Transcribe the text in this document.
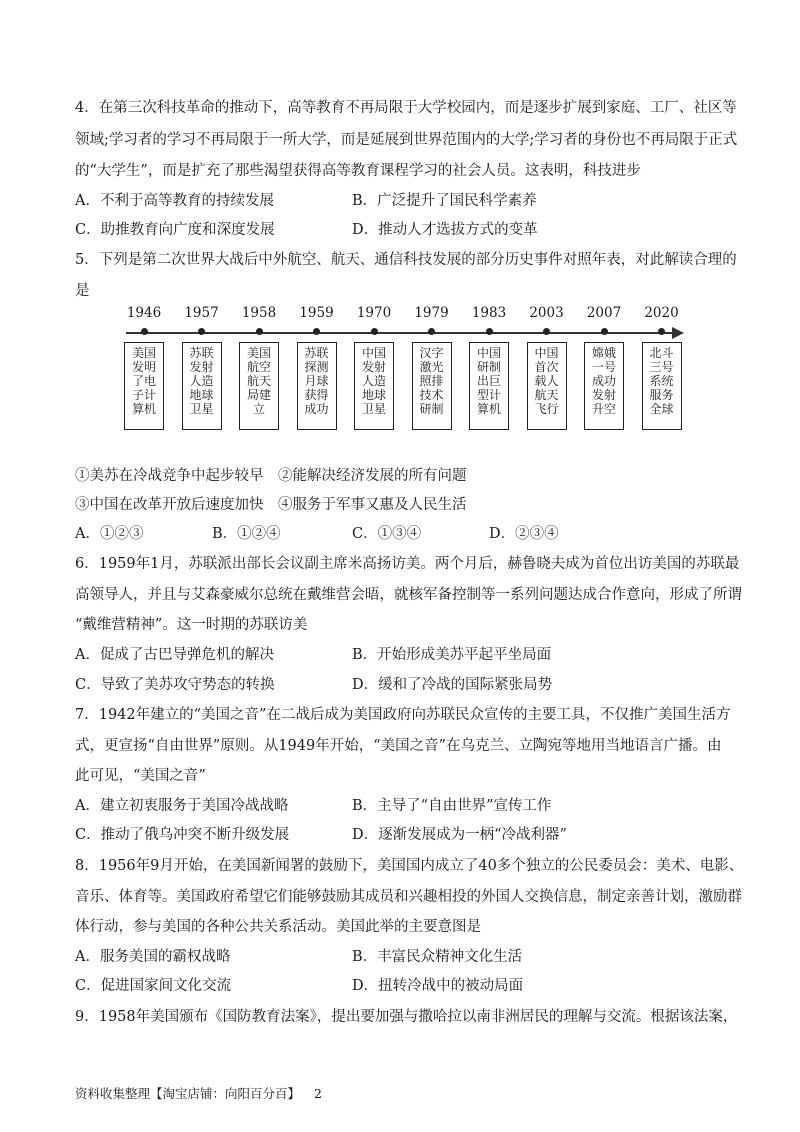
4．在第三次科技革命的推动下，高等教育不再局限于大学校园内，而是逐步扩展到家庭、工厂、社区等
领域;学习者的学习不再局限于一所大学，而是延展到世界范围内的大学;学习者的身份也不再局限于正式
的“大学生”，而是扩充了那些渴望获得高等教育课程学习的社会人员。这表明，科技进步
A．不利于高等教育的持续发展	B．广泛提升了国民科学素养
C．助推教育向广度和深度发展	D．推动人才选拔方式的变革
5．下列是第二次世界大战后中外航空、航天、通信科技发展的部分历史事件对照年表，对此解读合理的
是
1946
美国
发明
了电
子计
算机
1957
苏联
发射
人造
地球
卫星
1958
美国
航空
航天
局建
立
1959
苏联
探测
月球
获得
成功
1970
中国
发射
人造
地球
卫星
1979
汉字
激光
照排
技术
研制
1983
中国
研制
出巨
型计
算机
2003
中国
首次
载人
航天
飞行
2007
嫦娥
一号
成功
发射
升空
2020
北斗
三号
系统
服务
全球
①美苏在冷战竞争中起步较早　②能解决经济发展的所有问题
③中国在改革开放后速度加快　④服务于军事又惠及人民生活
A．①②③	B．①②④	C．①③④	D．②③④
6．1959年1月，苏联派出部长会议副主席米高扬访美。两个月后，赫鲁晓夫成为首位出访美国的苏联最
高领导人，并且与艾森豪威尔总统在戴维营会晤，就核军备控制等一系列问题达成合作意向，形成了所谓
“戴维营精神”。这一时期的苏联访美
A．促成了古巴导弹危机的解决	B．开始形成美苏平起平坐局面
C．导致了美苏攻守势态的转换	D．缓和了冷战的国际紧张局势
7．1942年建立的“美国之音”在二战后成为美国政府向苏联民众宣传的主要工具，不仅推广美国生活方
式，更宣扬“自由世界”原则。从1949年开始，“美国之音”在乌克兰、立陶宛等地用当地语言广播。由
此可见，“美国之音”
A．建立初衷服务于美国冷战战略	B．主导了“自由世界”宣传工作
C．推动了俄乌冲突不断升级发展	D．逐渐发展成为一柄“冷战利器”
8．1956年9月开始，在美国新闻署的鼓励下，美国国内成立了40多个独立的公民委员会：美术、电影、
音乐、体育等。美国政府希望它们能够鼓励其成员和兴趣相投的外国人交换信息，制定亲善计划，激励群
体行动，参与美国的各种公共关系活动。美国此举的主要意图是
A．服务美国的霸权战略	B．丰富民众精神文化生活
C．促进国家间文化交流	D．扭转冷战中的被动局面
9．1958年美国颁布《国防教育法案》，提出要加强与撒哈拉以南非洲居民的理解与交流。根据该法案，
资料收集整理【淘宝店铺：向阳百分百】 2
